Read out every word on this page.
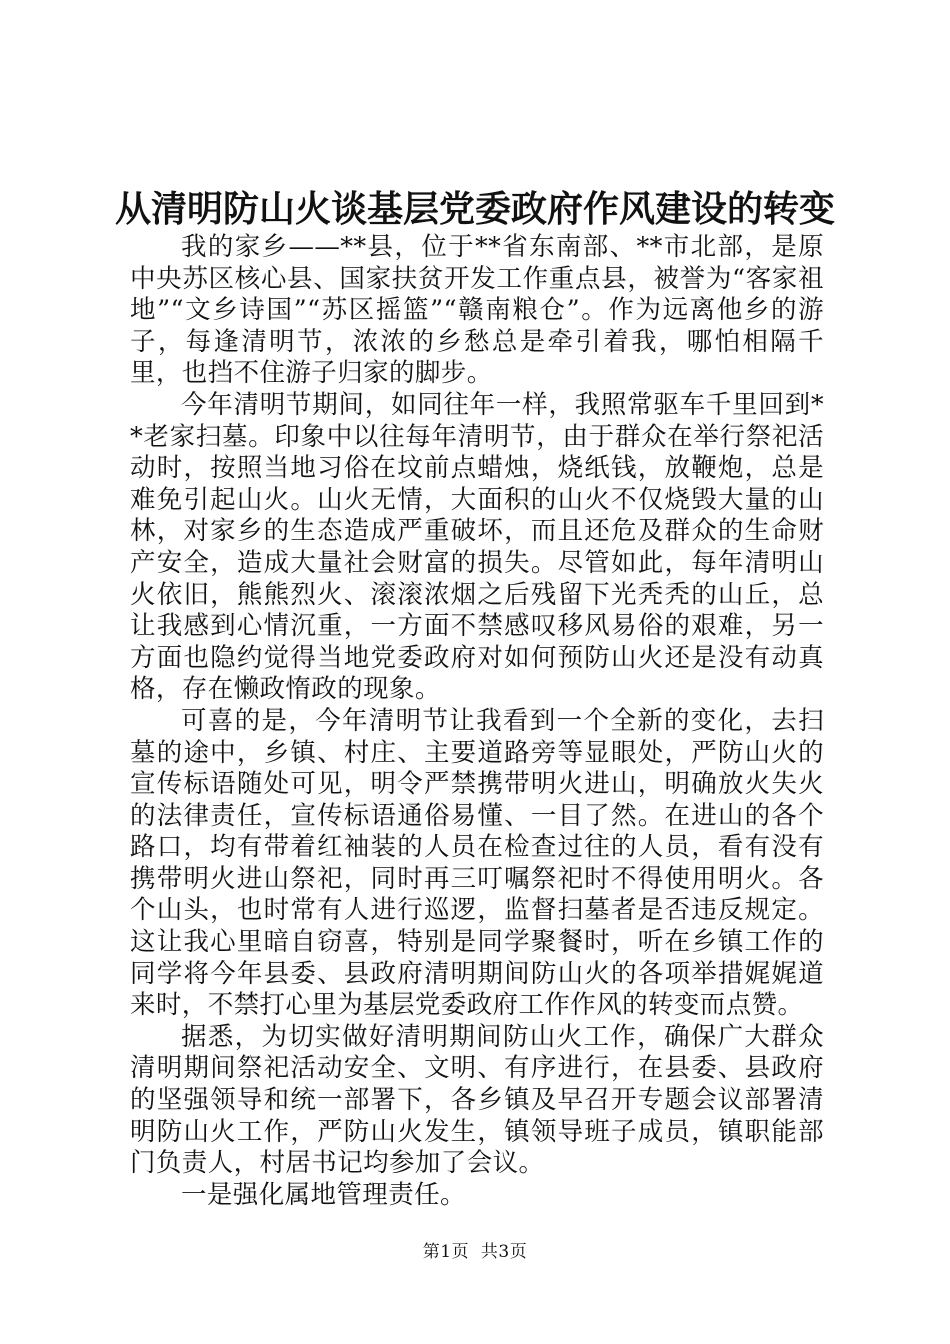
从清明防山火谈基层党委政府作风建设的转变

我的家乡——**县，位于**省东南部、**市北部，是原中央苏区核心县、国家扶贫开发工作重点县，被誉为“客家祖地”“文乡诗国”“苏区摇篮”“赣南粮仓”。作为远离他乡的游子，每逢清明节，浓浓的乡愁总是牵引着我，哪怕相隔千里，也挡不住游子归家的脚步。

今年清明节期间，如同往年一样，我照常驱车千里回到**老家扫墓。印象中以往每年清明节，由于群众在举行祭祀活动时，按照当地习俗在坟前点蜡烛，烧纸钱，放鞭炮，总是难免引起山火。山火无情，大面积的山火不仅烧毁大量的山林，对家乡的生态造成严重破坏，而且还危及群众的生命财产安全，造成大量社会财富的损失。尽管如此，每年清明山火依旧，熊熊烈火、滚滚浓烟之后残留下光秃秃的山丘，总让我感到心情沉重，一方面不禁感叹移风易俗的艰难，另一方面也隐约觉得当地党委政府对如何预防山火还是没有动真格，存在懒政惰政的现象。

可喜的是，今年清明节让我看到一个全新的变化，去扫墓的途中，乡镇、村庄、主要道路旁等显眼处，严防山火的宣传标语随处可见，明令严禁携带明火进山，明确放火失火的法律责任，宣传标语通俗易懂、一目了然。在进山的各个路口，均有带着红袖装的人员在检查过往的人员，看有没有携带明火进山祭祀，同时再三叮嘱祭祀时不得使用明火。各个山头，也时常有人进行巡逻，监督扫墓者是否违反规定。这让我心里暗自窃喜，特别是同学聚餐时，听在乡镇工作的同学将今年县委、县政府清明期间防山火的各项举措娓娓道来时，不禁打心里为基层党委政府工作作风的转变而点赞。

据悉，为切实做好清明期间防山火工作，确保广大群众清明期间祭祀活动安全、文明、有序进行，在县委、县政府的坚强领导和统一部署下，各乡镇及早召开专题会议部署清明防山火工作，严防山火发生，镇领导班子成员，镇职能部门负责人，村居书记均参加了会议。

一是强化属地管理责任。

第1页  共3页
